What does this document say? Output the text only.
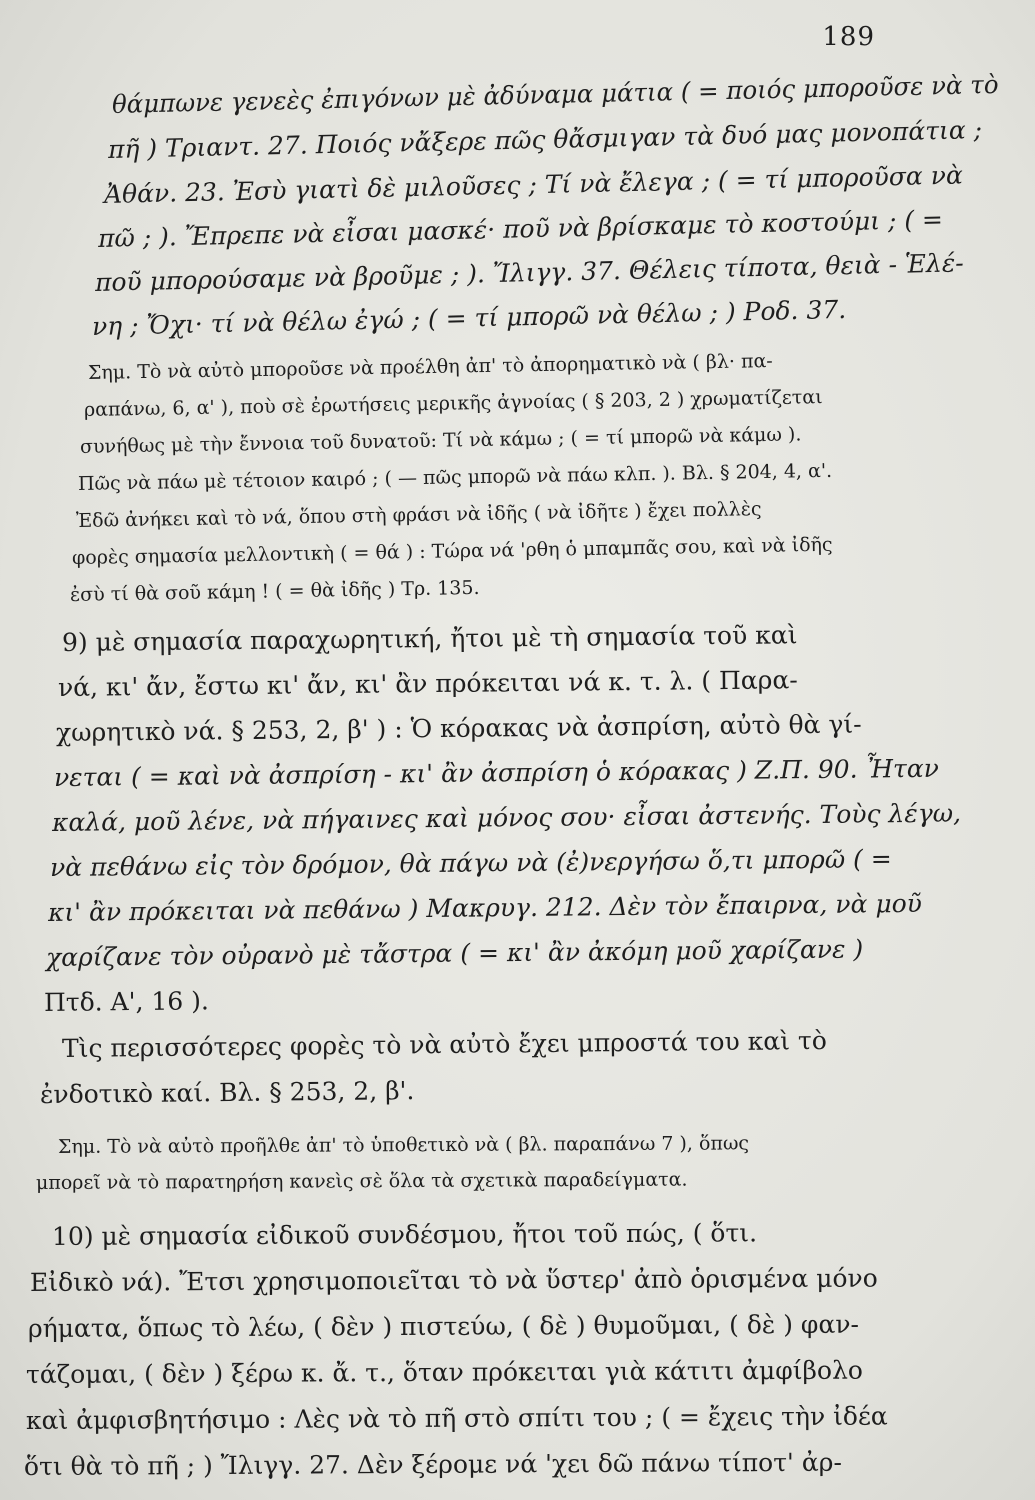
189
θάμπωνε γενεὲς ἐπιγόνων μὲ ἀδύναμα μάτια ( = ποιός μποροῦσε νὰ τὸ
πῆ ) Τριαντ. 27. Ποιός νἄξερε πῶς θἄσμιγαν τὰ δυό μας μονοπάτια ;
Ἀθάν. 23. Ἐσὺ γιατὶ δὲ μιλοῦσες ; Τί νὰ ἔλεγα ; ( = τί μποροῦσα νὰ
πῶ ; ). Ἔπρεπε νὰ εἶσαι μασκέ· ποῦ νὰ βρίσκαμε τὸ κοστούμι ; ( =
ποῦ μπορούσαμε νὰ βροῦμε ; ). Ἴλιγγ. 37. Θέλεις τίποτα, θειὰ - Ἑλέ-
νη ; Ὄχι· τί νὰ θέλω ἐγώ ; ( = τί μπορῶ νὰ θέλω ; ) Ροδ. 37.
Σημ. Τὸ νὰ αὐτὸ μποροῦσε νὰ προέλθη ἀπ' τὸ ἀπορηματικὸ νὰ ( βλ· πα-
ραπάνω, 6, α' ), ποὺ σὲ ἐρωτήσεις μερικῆς ἀγνοίας ( § 203, 2 ) χρωματίζεται
συνήθως μὲ τὴν ἔννοια τοῦ δυνατοῦ: Τί νὰ κάμω ; ( = τί μπορῶ νὰ κάμω ).
Πῶς νὰ πάω μὲ τέτοιον καιρό ; ( — πῶς μπορῶ νὰ πάω κλπ. ). Βλ. § 204, 4, α'.
Ἐδῶ ἀνήκει καὶ τὸ νά, ὅπου στὴ φράσι νὰ ἰδῆς ( νὰ ἰδῆτε ) ἔχει πολλὲς
φορὲς σημασία μελλοντικὴ ( = θά ) : Τώρα νά 'ρθη ὁ μπαμπᾶς σου, καὶ νὰ ἰδῆς
ἐσὺ τί θὰ σοῦ κάμη ! ( = θὰ ἰδῆς ) Τρ. 135.
9) μὲ σημασία παραχωρητική, ἤτοι μὲ τὴ σημασία τοῦ καὶ
νά, κι' ἄν, ἔστω κι' ἄν, κι' ἂν πρόκειται νά κ. τ. λ. ( Παρα-
χωρητικὸ νά. § 253, 2, β' ) : Ὁ κόρακας νὰ ἀσπρίση, αὐτὸ θὰ γί-
νεται ( = καὶ νὰ ἀσπρίση - κι' ἂν ἀσπρίση ὁ κόρακας ) Ζ.Π. 90. Ἦταν
καλά, μοῦ λένε, νὰ πήγαινες καὶ μόνος σου· εἶσαι ἀστενής. Τοὺς λέγω,
νὰ πεθάνω εἰς τὸν δρόμον, θὰ πάγω νὰ (ἐ)νεργήσω ὅ,τι μπορῶ ( =
κι' ἂν πρόκειται νὰ πεθάνω ) Μακρυγ. 212. Δὲν τὸν ἔπαιρνα, νὰ μοῦ
χαρίζανε τὸν οὐρανὸ μὲ τἄστρα ( = κι' ἂν ἀκόμη μοῦ χαρίζανε )
Πτδ. Α', 16 ).
Τὶς περισσότερες φορὲς τὸ νὰ αὐτὸ ἔχει μπροστά του καὶ τὸ
ἐνδοτικὸ καί. Βλ. § 253, 2, β'.
Σημ. Τὸ νὰ αὐτὸ προῆλθε ἀπ' τὸ ὑποθετικὸ νὰ ( βλ. παραπάνω 7 ), ὅπως
μπορεῖ νὰ τὸ παρατηρήση κανεὶς σὲ ὅλα τὰ σχετικὰ παραδείγματα.
10) μὲ σημασία εἰδικοῦ συνδέσμου, ἤτοι τοῦ πώς, ( ὅτι.
Εἰδικὸ νά). Ἔτσι χρησιμοποιεῖται τὸ νὰ ὕστερ' ἀπὸ ὁρισμένα μόνο
ρήματα, ὅπως τὸ λέω, ( δὲν ) πιστεύω, ( δὲ ) θυμοῦμαι, ( δὲ ) φαν-
τάζομαι, ( δὲν ) ξέρω κ. ἄ. τ., ὅταν πρόκειται γιὰ κάτιτι ἀμφίβολο
καὶ ἀμφισβητήσιμο : Λὲς νὰ τὸ πῆ στὸ σπίτι του ; ( = ἔχεις τὴν ἰδέα
ὅτι θὰ τὸ πῆ ; ) Ἴλιγγ. 27. Δὲν ξέρομε νά 'χει δῶ πάνω τίποτ' ἀρ-
